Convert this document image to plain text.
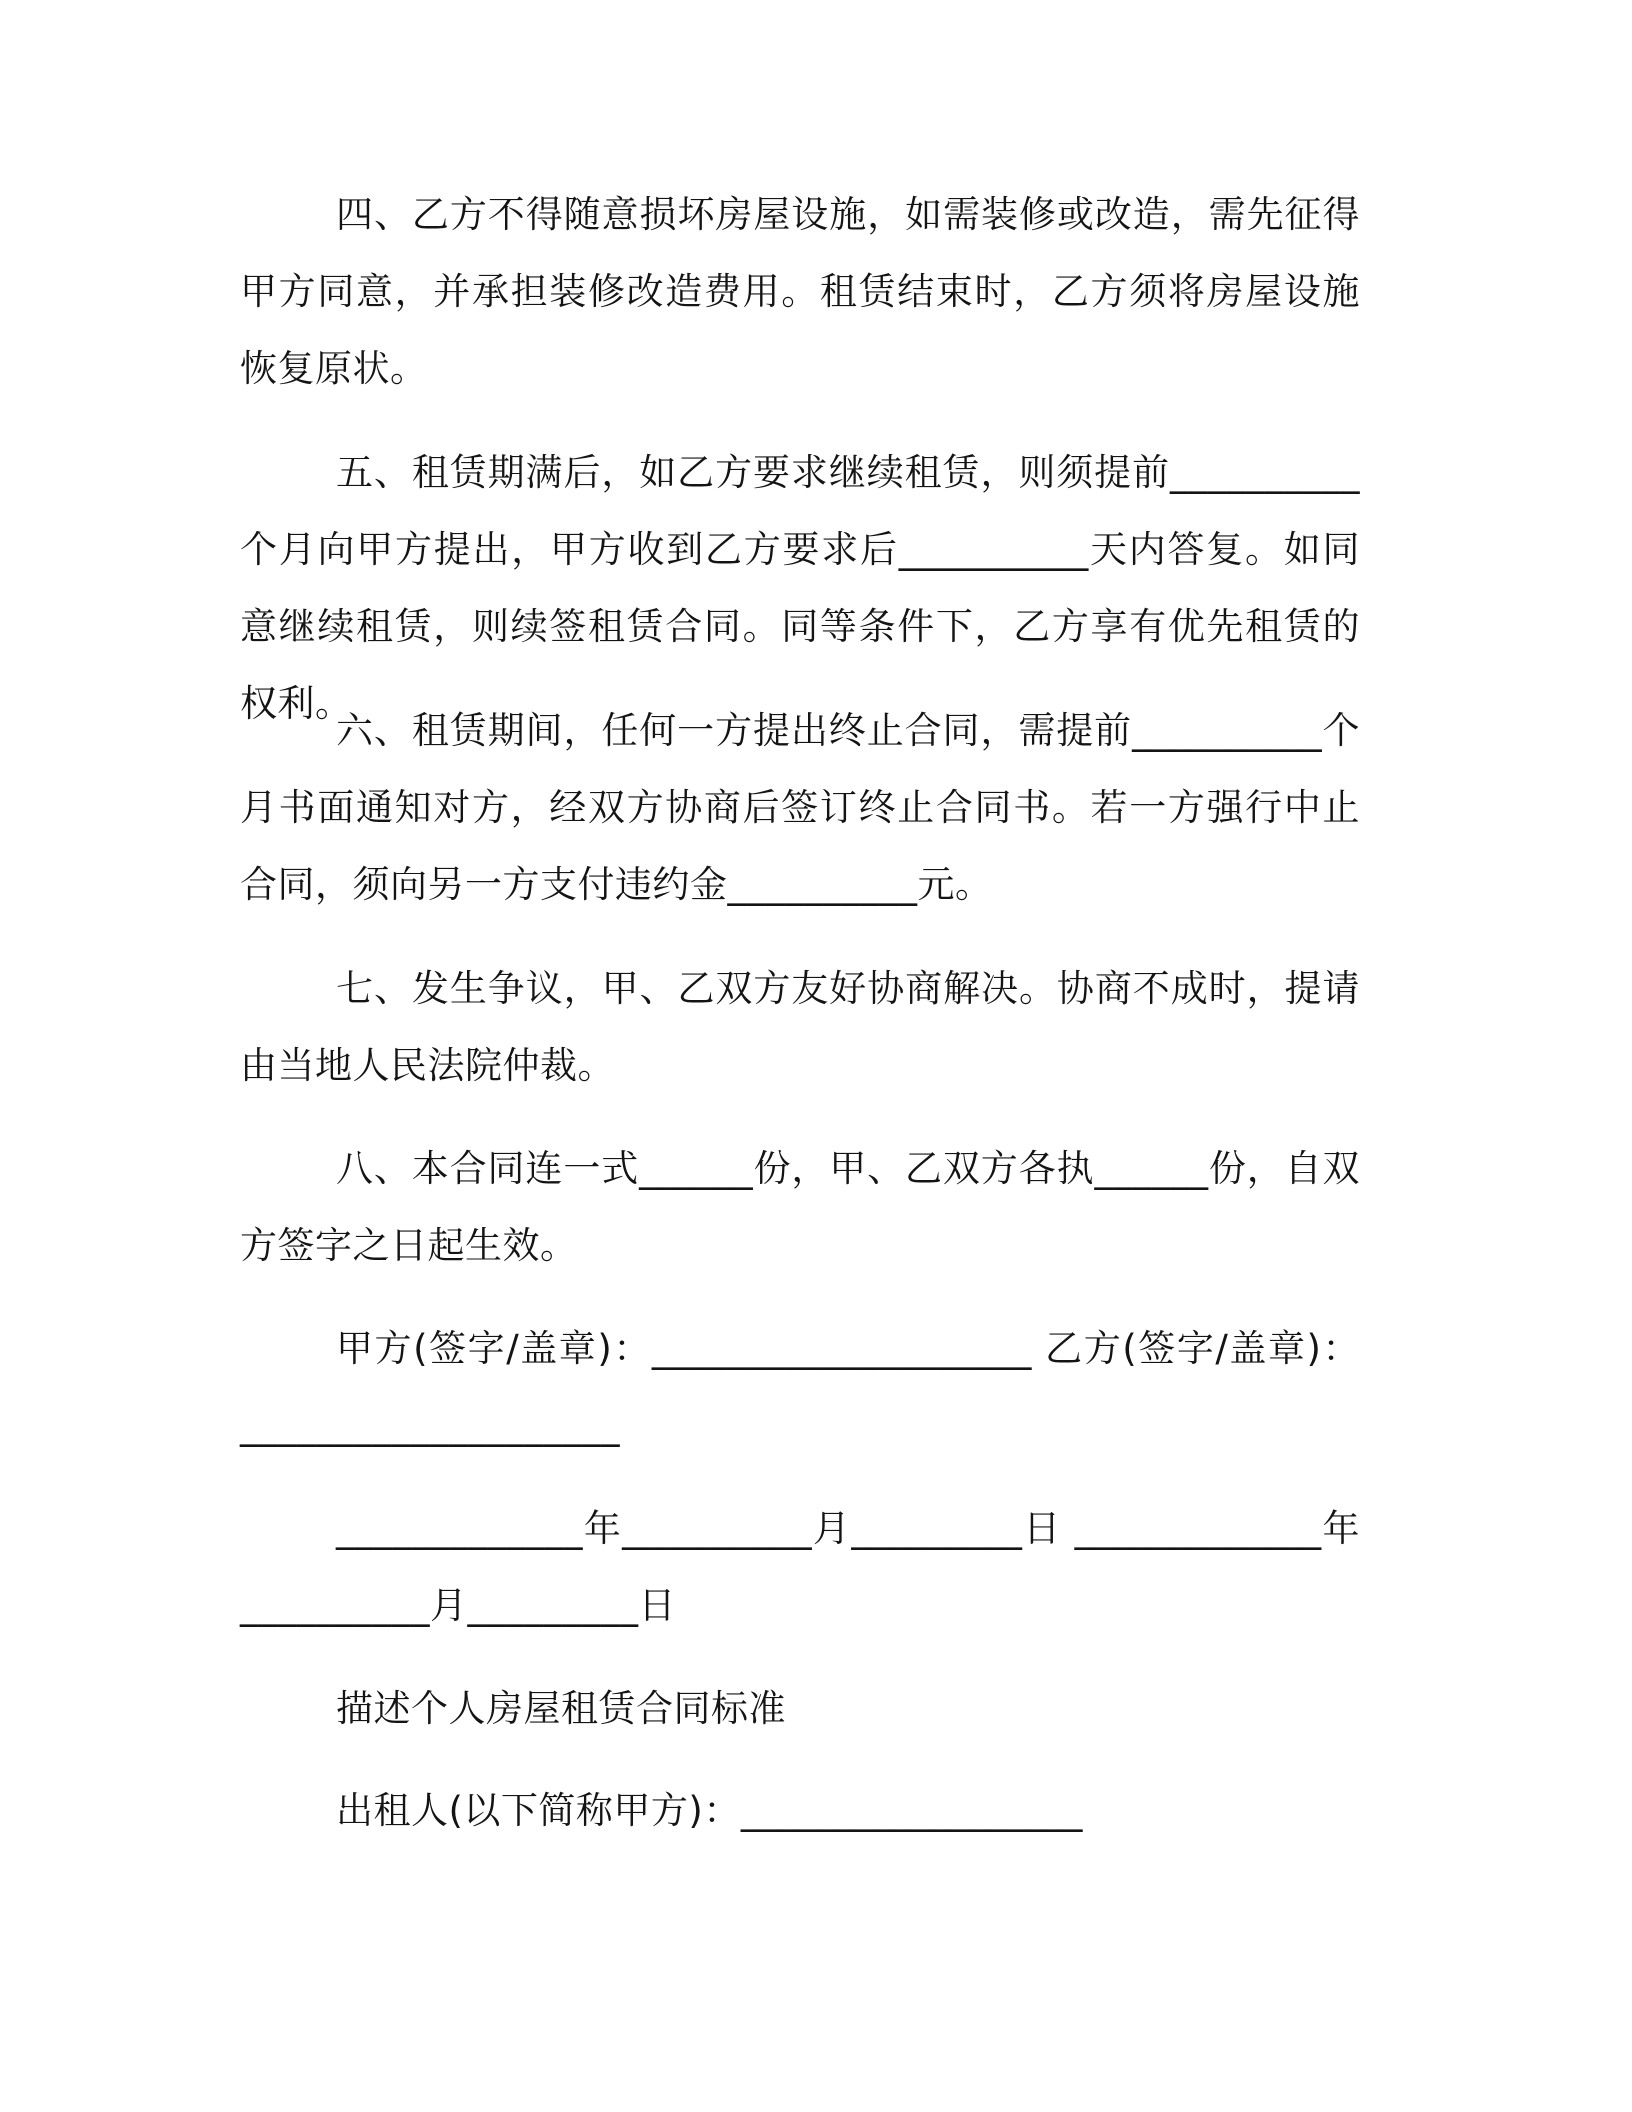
四、乙方不得随意损坏房屋设施，如需装修或改造，需先征得甲方同意，并承担装修改造费用。租赁结束时，乙方须将房屋设施恢复原状。
五、租赁期满后，如乙方要求继续租赁，则须提前__________个月向甲方提出，甲方收到乙方要求后__________天内答复。如同意继续租赁，则续签租赁合同。同等条件下，乙方享有优先租赁的权利。
六、租赁期间，任何一方提出终止合同，需提前__________个月书面通知对方，经双方协商后签订终止合同书。若一方强行中止合同，须向另一方支付违约金__________元。
七、发生争议，甲、乙双方友好协商解决。协商不成时，提请由当地人民法院仲裁。
八、本合同连一式______份，甲、乙双方各执______份，自双方签字之日起生效。
甲方(签字/盖章)：____________________ 乙方(签字/盖章)：____________________
_____________年__________月_________日 _____________年__________月_________日
描述个人房屋租赁合同标准
出租人(以下简称甲方)：__________________
